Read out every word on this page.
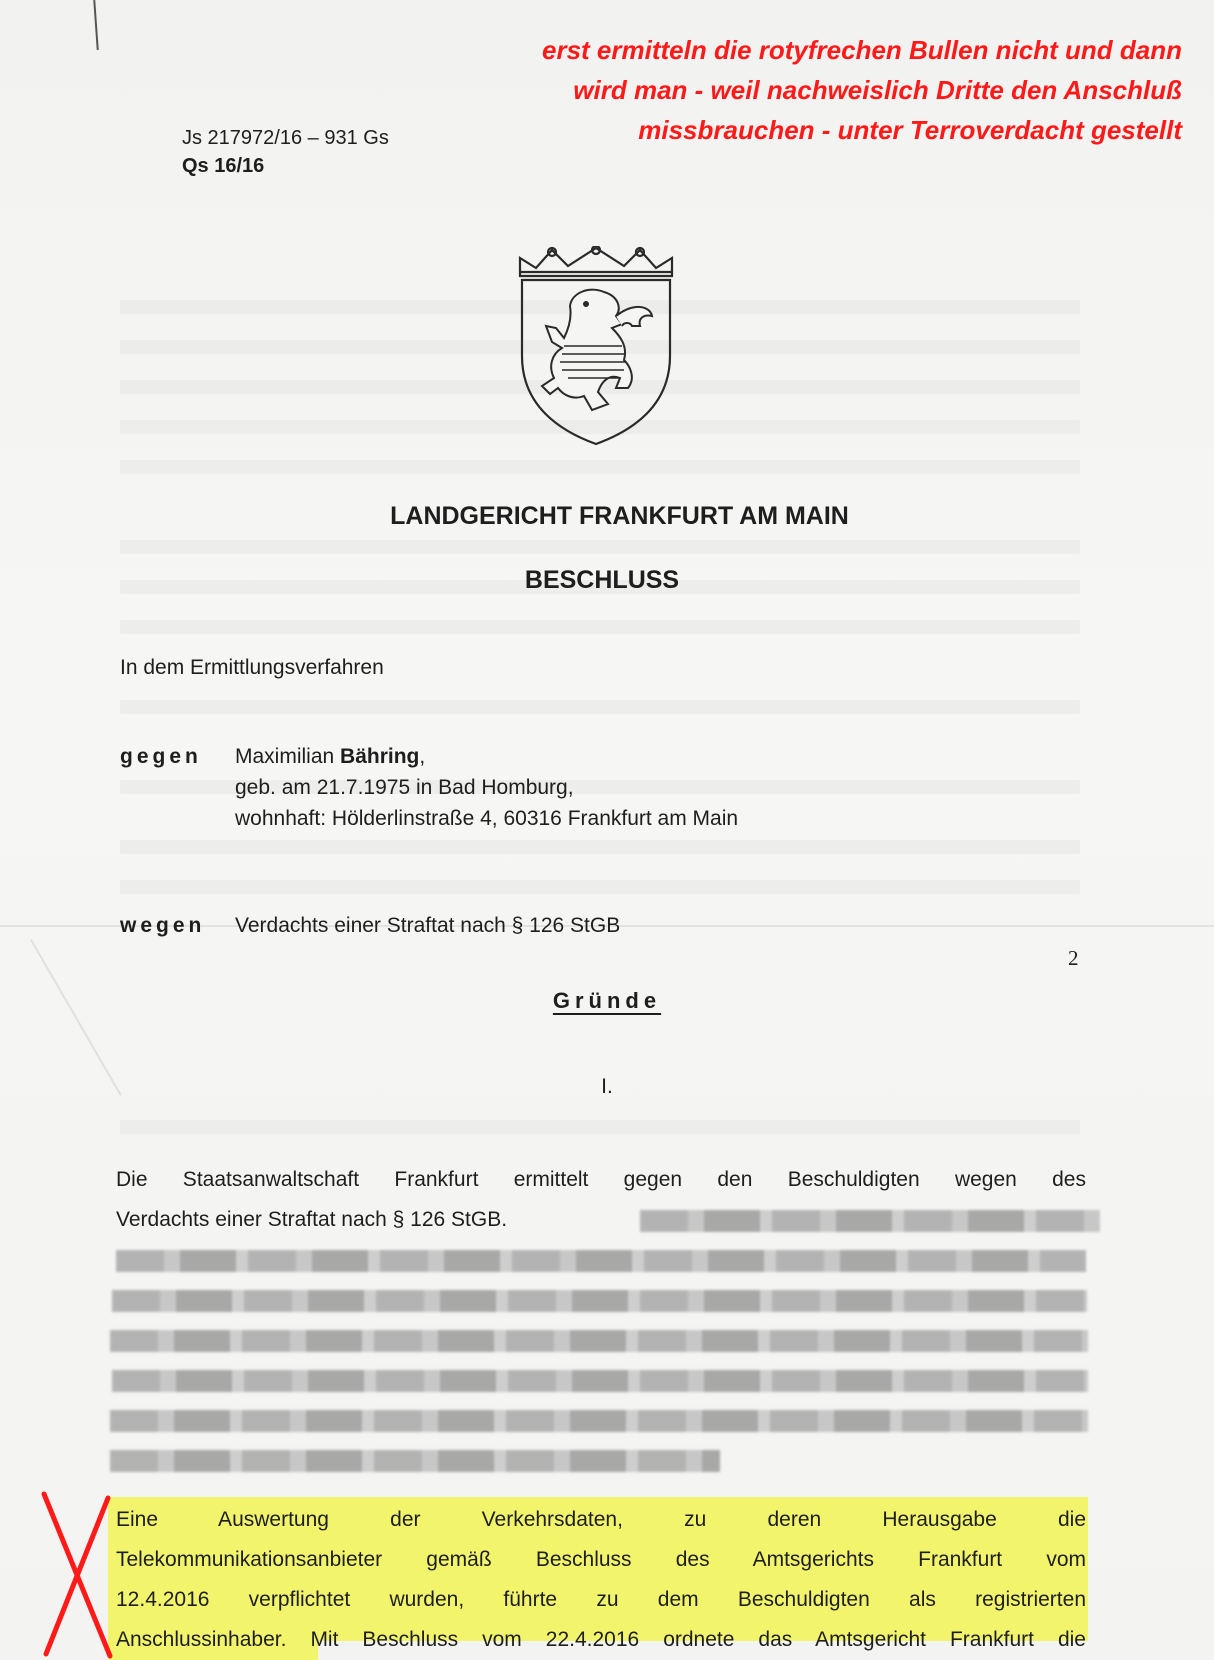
erst ermitteln die rotyfrechen Bullen nicht und dann
wird man - weil nachweislich Dritte den Anschluß
missbrauchen - unter Terroverdacht gestellt
Js 217972/16 – 931 Gs
Qs 16/16
LANDGERICHT FRANKFURT AM MAIN
BESCHLUSS
In dem Ermittlungsverfahren
gegen Maximilian Bähring,
geb. am 21.7.1975 in Bad Homburg,
wohnhaft: Hölderlinstraße 4, 60316 Frankfurt am Main
wegen Verdachts einer Straftat nach § 126 StGB
2
Gründe
I.
Die Staatsanwaltschaft Frankfurt ermittelt gegen den Beschuldigten wegen des
Verdachts einer Straftat nach § 126 StGB.
Eine Auswertung der Verkehrsdaten, zu deren Herausgabe die
Telekommunikationsanbieter gemäß Beschluss des Amtsgerichts Frankfurt vom
12.4.2016 verpflichtet wurden, führte zu dem Beschuldigten als registrierten
Anschlussinhaber. Mit Beschluss vom 22.4.2016 ordnete das Amtsgericht Frankfurt die
